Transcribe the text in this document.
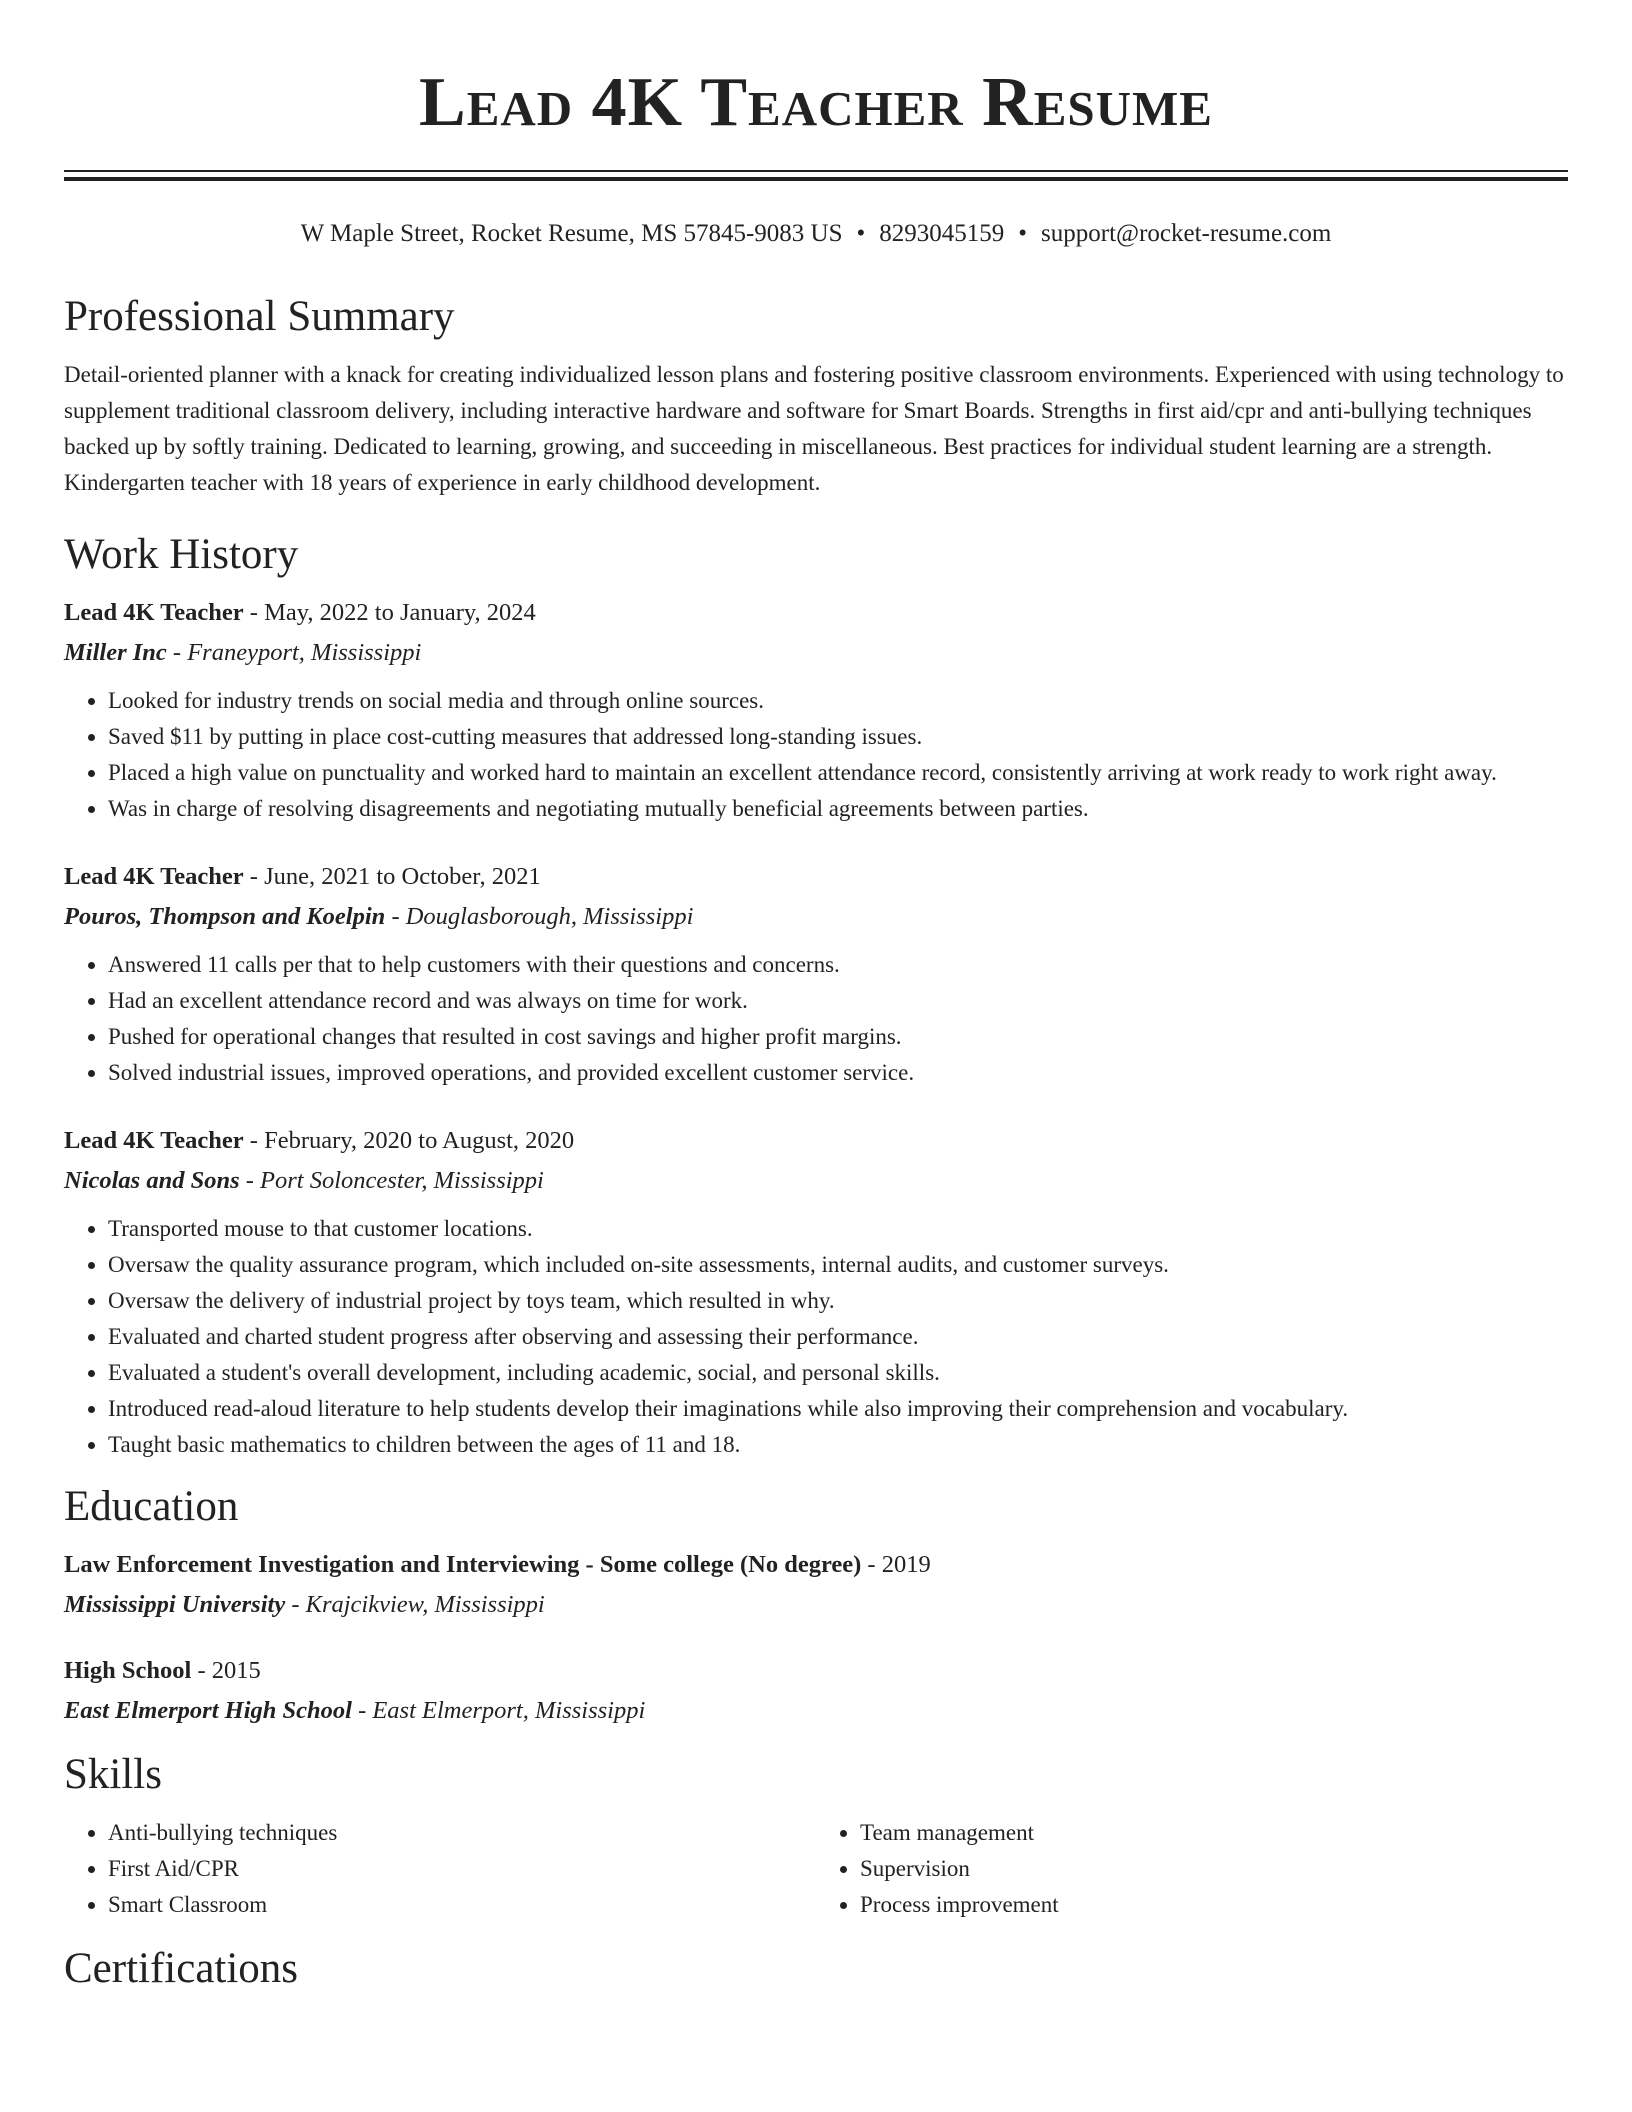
Lead 4K Teacher Resume
W Maple Street, Rocket Resume, MS 57845-9083 US • 8293045159 • support@rocket-resume.com
Professional Summary

Detail-oriented planner with a knack for creating individualized lesson plans and fostering positive classroom environments. Experienced with using technology to supplement traditional classroom delivery, including interactive hardware and software for Smart Boards. Strengths in first aid/cpr and anti-bullying techniques backed up by softly training. Dedicated to learning, growing, and succeeding in miscellaneous. Best practices for individual student learning are a strength. Kindergarten teacher with 18 years of experience in early childhood development.

Work History
Lead 4K Teacher - May, 2022 to January, 2024
Miller Inc - Franeyport, Mississippi
• Looked for industry trends on social media and through online sources.
• Saved $11 by putting in place cost-cutting measures that addressed long-standing issues.
• Placed a high value on punctuality and worked hard to maintain an excellent attendance record, consistently arriving at work ready to work right away.
• Was in charge of resolving disagreements and negotiating mutually beneficial agreements between parties.
Lead 4K Teacher - June, 2021 to October, 2021
Pouros, Thompson and Koelpin - Douglasborough, Mississippi
• Answered 11 calls per that to help customers with their questions and concerns.
• Had an excellent attendance record and was always on time for work.
• Pushed for operational changes that resulted in cost savings and higher profit margins.
• Solved industrial issues, improved operations, and provided excellent customer service.
Lead 4K Teacher - February, 2020 to August, 2020
Nicolas and Sons - Port Soloncester, Mississippi
• Transported mouse to that customer locations.
• Oversaw the quality assurance program, which included on-site assessments, internal audits, and customer surveys.
• Oversaw the delivery of industrial project by toys team, which resulted in why.
• Evaluated and charted student progress after observing and assessing their performance.
• Evaluated a student's overall development, including academic, social, and personal skills.
• Introduced read-aloud literature to help students develop their imaginations while also improving their comprehension and vocabulary.
• Taught basic mathematics to children between the ages of 11 and 18.
Education
Law Enforcement Investigation and Interviewing - Some college (No degree) - 2019
Mississippi University - Krajcikview, Mississippi
High School - 2015
East Elmerport High School - East Elmerport, Mississippi
Skills
• Anti-bullying techniques
• First Aid/CPR
• Smart Classroom
• Team management
• Supervision
• Process improvement
Certifications
